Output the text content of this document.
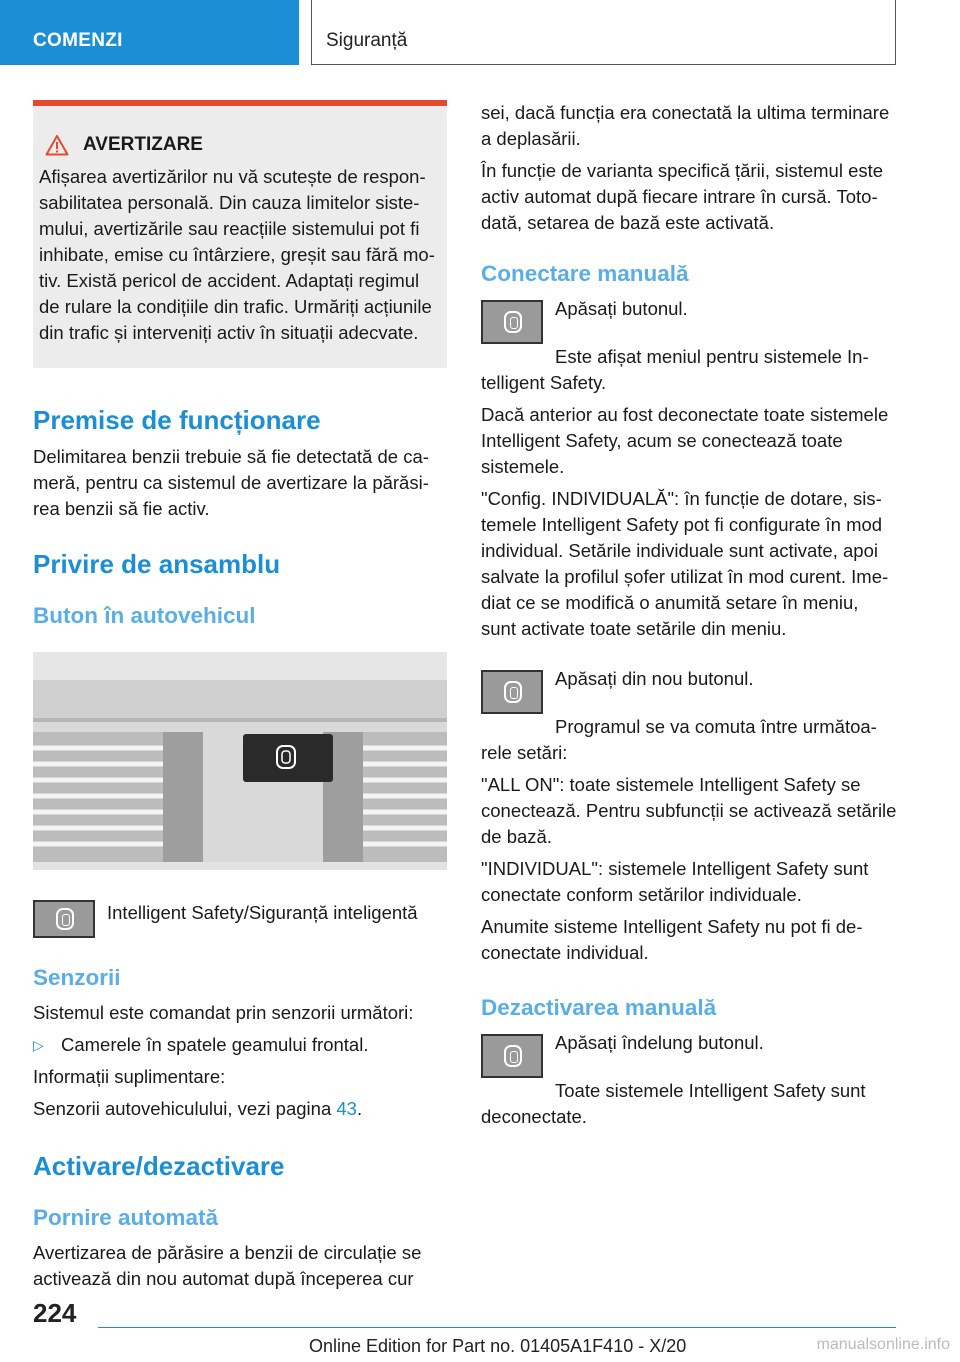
COMENZI	Siguranță
AVERTIZARE
Afișarea avertizărilor nu vă scutește de responsabilitatea personală. Din cauza limitelor sistemului, avertizările sau reacțiile sistemului pot fi inhibate, emise cu întârziere, greșit sau fără motiv. Există pericol de accident. Adaptați regimul de rulare la condițiile din trafic. Urmăriți acțiunile din trafic și interveniți activ în situații adecvate.
Premise de funcționare

Delimitarea benzii trebuie să fie detectată de cameră, pentru ca sistemul de avertizare la părăsirea benzii să fie activ.

Privire de ansamblu
Buton în autovehicul
Intelligent Safety/Siguranță inteligentă
Senzorii

Sistemul este comandat prin senzorii următori:

▷ Camerele în spatele geamului frontal.

Informații suplimentare:

Senzorii autovehiculului, vezi pagina 43.

Activare/dezactivare
Pornire automată

Avertizarea de părăsire a benzii de circulație se activează din nou automat după începerea cur

sei, dacă funcția era conectată la ultima terminare a deplasării.

În funcție de varianta specifică țării, sistemul este activ automat după fiecare intrare în cursă. Totodată, setarea de bază este activată.

Conectare manuală

Apăsați butonul.

Este afișat meniul pentru sistemele Intelligent Safety.

Dacă anterior au fost deconectate toate sistemele Intelligent Safety, acum se conectează toate sistemele.

"Config. INDIVIDUALĂ": în funcție de dotare, sistemele Intelligent Safety pot fi configurate în mod individual. Setările individuale sunt activate, apoi salvate la profilul șofer utilizat în mod curent. Imediat ce se modifică o anumită setare în meniu, sunt activate toate setările din meniu.

Apăsați din nou butonul.

Programul se va comuta între următoarele setări:

"ALL ON": toate sistemele Intelligent Safety se conectează. Pentru subfuncții se activează setările de bază.

"INDIVIDUAL": sistemele Intelligent Safety sunt conectate conform setărilor individuale.

Anumite sisteme Intelligent Safety nu pot fi deconectate individual.

Dezactivarea manuală

Apăsați îndelung butonul.

Toate sistemele Intelligent Safety sunt deconectate.

224
Online Edition for Part no. 01405A1F410 - X/20	manualsonline.info
